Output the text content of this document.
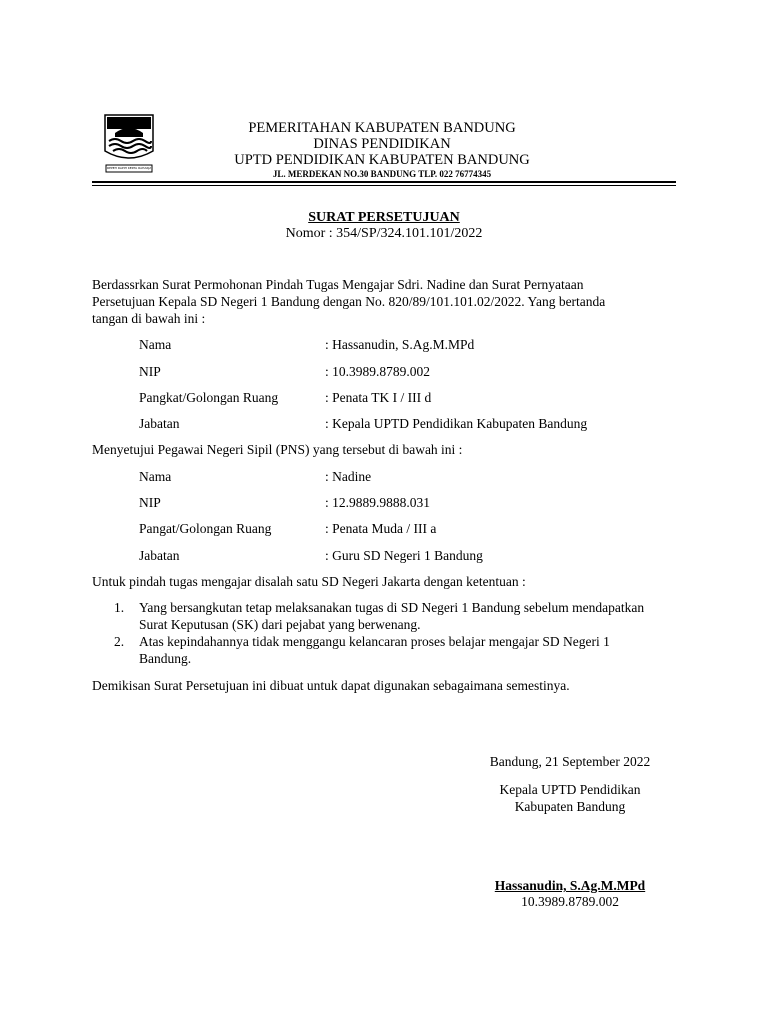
REPEH RAPIH KERTA RAHARJA
PEMERITAHAN KABUPATEN BANDUNG
DINAS PENDIDIKAN
UPTD PENDIDIKAN KABUPATEN BANDUNG
JL. MERDEKAN NO.30 BANDUNG TLP. 022 76774345
SURAT PERSETUJUAN
Nomor : 354/SP/324.101.101/2022
Berdassrkan Surat Permohonan Pindah Tugas Mengajar Sdri. Nadine dan Surat Pernyataan
Persetujuan Kepala SD Negeri 1 Bandung dengan No. 820/89/101.101.02/2022. Yang bertanda
tangan di bawah ini :
Nama	: Hassanudin, S.Ag.M.MPd
NIP	: 10.3989.8789.002
Pangkat/Golongan Ruang	: Penata TK I / III d
Jabatan	: Kepala UPTD Pendidikan Kabupaten Bandung
Menyetujui Pegawai Negeri Sipil (PNS) yang tersebut di bawah ini :
Nama	: Nadine
NIP	: 12.9889.9888.031
Pangat/Golongan Ruang	: Penata Muda / III a
Jabatan	: Guru SD Negeri 1 Bandung
Untuk pindah tugas mengajar disalah satu SD Negeri Jakarta dengan ketentuan :
1. Yang bersangkutan tetap melaksanakan tugas di SD Negeri 1 Bandung sebelum mendapatkan
Surat Keputusan (SK) dari pejabat yang berwenang.
2. Atas kepindahannya tidak menggangu kelancaran proses belajar mengajar SD Negeri 1
Bandung.
Demikisan Surat Persetujuan ini dibuat untuk dapat digunakan sebagaimana semestinya.
Bandung, 21 September 2022
Kepala UPTD Pendidikan
Kabupaten Bandung
Hassanudin, S.Ag.M.MPd
10.3989.8789.002
